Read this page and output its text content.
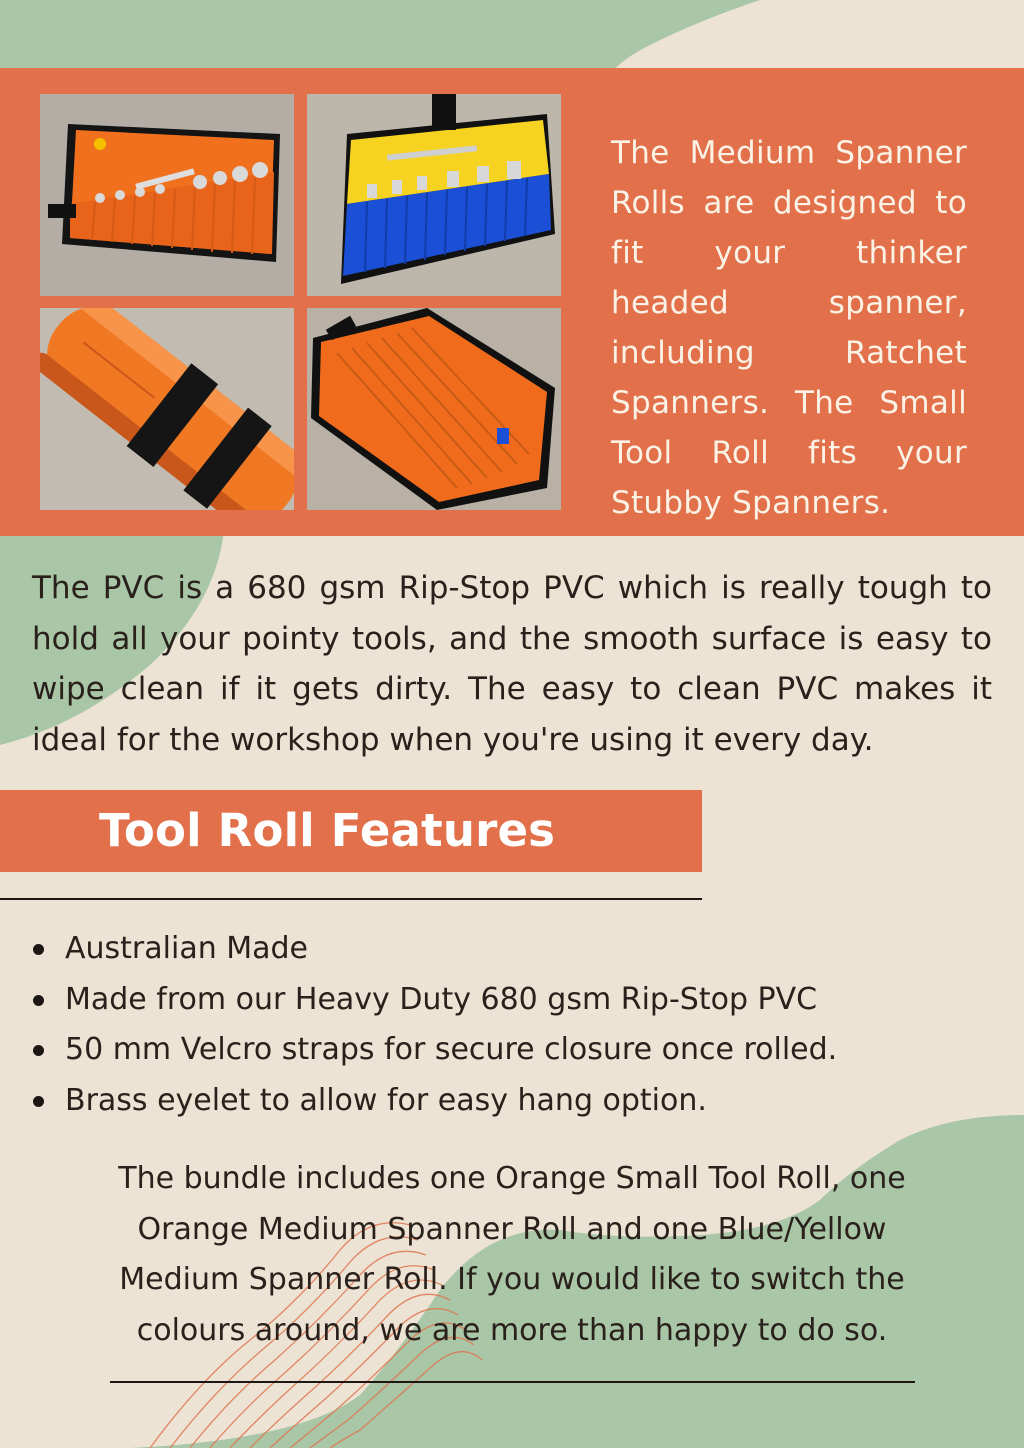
The Medium Spanner Rolls are designed to fit your thinker headed spanner, including Ratchet Spanners. The Small Tool Roll fits your Stubby Spanners.
The PVC is a 680 gsm Rip-Stop PVC which is really tough to hold all your pointy tools, and the smooth surface is easy to wipe clean if it gets dirty. The easy to clean PVC makes it ideal for the workshop when you're using it every day.
Tool Roll Features
Australian Made
Made from our Heavy Duty 680 gsm Rip-Stop PVC
50 mm Velcro straps for secure closure once rolled.
Brass eyelet to allow for easy hang option.
The bundle includes one Orange Small Tool Roll, one Orange Medium Spanner Roll and one Blue/Yellow Medium Spanner Roll. If you would like to switch the colours around, we are more than happy to do so.
